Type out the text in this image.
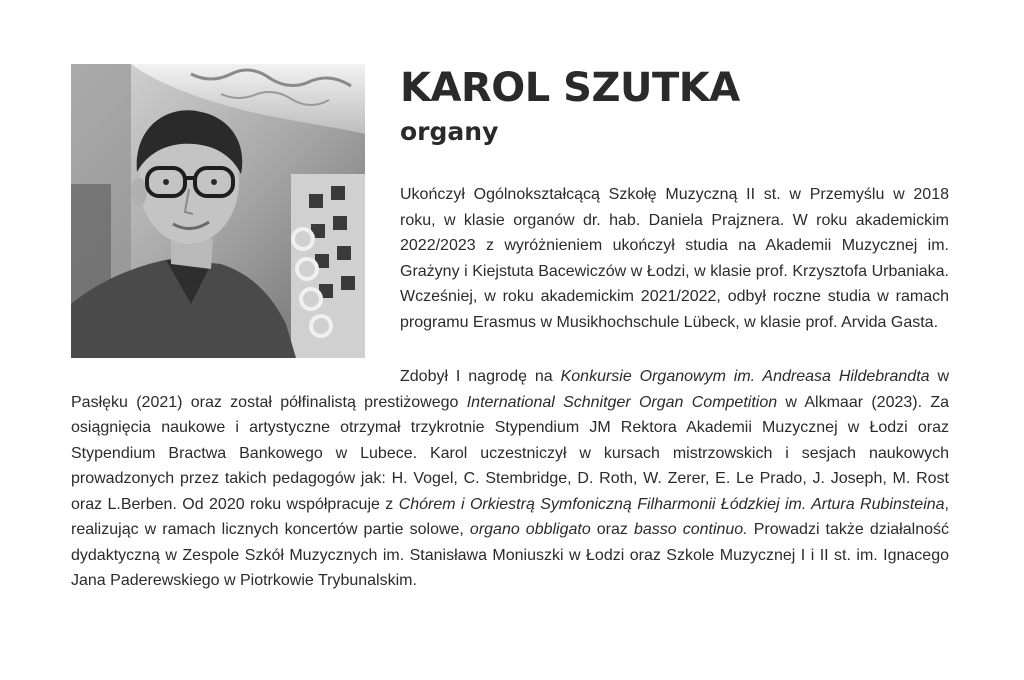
KAROL SZUTKA
organy

Ukończył Ogólnokształcącą Szkołę Muzyczną II st. w Przemyślu w 2018 roku, w klasie organów dr. hab. Daniela Prajznera. W roku akademickim 2022/2023 z wyróżnieniem ukończył studia na Akademii Muzycznej im. Grażyny i Kiejstuta Bacewiczów w Łodzi, w klasie prof. Krzysztofa Urbaniaka. Wcześniej, w roku akademickim 2021/2022, odbył roczne studia w ramach programu Erasmus w Musikhochschule Lübeck, w klasie prof. Arvida Gasta.

Zdobył I nagrodę na Konkursie Organowym im. Andreasa Hildebrandta w Pasłęku (2021) oraz został półfinalistą prestiżowego International Schnitger Organ Competition w Alkmaar (2023). Za osiągnięcia naukowe i artystyczne otrzymał trzykrotnie Stypendium JM Rektora Akademii Muzycznej w Łodzi oraz Stypendium Bractwa Bankowego w Lubece. Karol uczestniczył w kursach mistrzowskich i sesjach naukowych prowadzonych przez takich pedagogów jak: H. Vogel, C. Stembridge, D. Roth, W. Zerer, E. Le Prado, J. Joseph, M. Rost oraz L.Berben. Od 2020 roku współpracuje z Chórem i Orkiestrą Symfoniczną Filharmonii Łódzkiej im. Artura Rubinsteina, realizując w ramach licznych koncertów partie solowe, organo obbligato oraz basso continuo. Prowadzi także działalność dydaktyczną w Zespole Szkół Muzycznych im. Stanisława Moniuszki w Łodzi oraz Szkole Muzycznej I i II st. im. Ignacego Jana Paderewskiego w Piotrkowie Trybunalskim.
